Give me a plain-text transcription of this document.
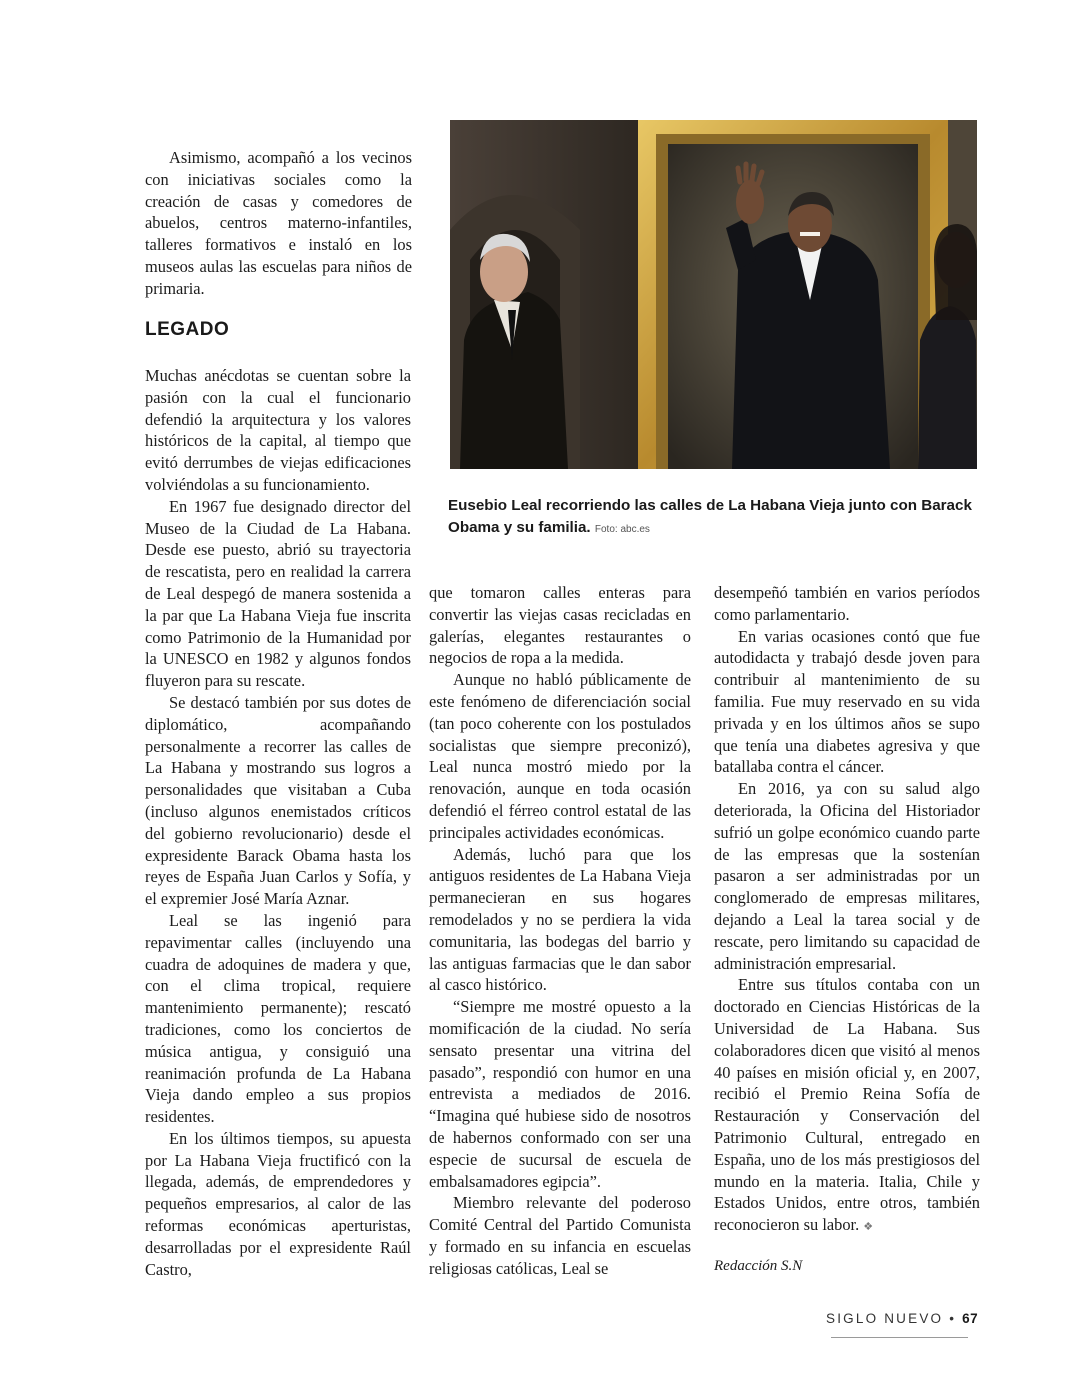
Asimismo, acompañó a los vecinos con iniciativas sociales como la creación de casas y comedores de abuelos, centros materno-infantiles, talleres formativos e instaló en los museos aulas las escuelas para niños de primaria.

LEGADO

Muchas anécdotas se cuentan sobre la pasión con la cual el funcionario defendió la arquitectura y los valores históricos de la capital, al tiempo que evitó derrumbes de viejas edificaciones volviéndolas a su funcionamiento.

En 1967 fue designado director del Museo de la Ciudad de La Habana. Desde ese puesto, abrió su trayectoria de rescatista, pero en realidad la carrera de Leal despegó de manera sostenida a la par que La Habana Vieja fue inscrita como Patrimonio de la Humanidad por la UNESCO en 1982 y algunos fondos fluyeron para su rescate.

Se destacó también por sus dotes de diplomático, acompañando personalmente a recorrer las calles de La Habana y mostrando sus logros a personalidades que visitaban a Cuba (incluso algunos enemistados críticos del gobierno revolucionario) desde el expresidente Barack Obama hasta los reyes de España Juan Carlos y Sofía, y el expremier José María Aznar.

Leal se las ingenió para repavimentar calles (incluyendo una cuadra de adoquines de madera y que, con el clima tropical, requiere mantenimiento permanente); rescató tradiciones, como los conciertos de música antigua, y consiguió una reanimación profunda de La Habana Vieja dando empleo a sus propios residentes.

En los últimos tiempos, su apuesta por La Habana Vieja fructificó con la llegada, además, de emprendedores y pequeños empresarios, al calor de las reformas económicas aperturistas, desarrolladas por el expresidente Raúl Castro,

Eusebio Leal recorriendo las calles de La Habana Vieja junto con Barack Obama y su familia. Foto: abc.es

que tomaron calles enteras para convertir las viejas casas recicladas en galerías, elegantes restaurantes o negocios de ropa a la medida.

Aunque no habló públicamente de este fenómeno de diferenciación social (tan poco coherente con los postulados socialistas que siempre preconizó), Leal nunca mostró miedo por la renovación, aunque en toda ocasión defendió el férreo control estatal de las principales actividades económicas.

Además, luchó para que los antiguos residentes de La Habana Vieja permanecieran en sus hogares remodelados y no se perdiera la vida comunitaria, las bodegas del barrio y las antiguas farmacias que le dan sabor al casco histórico.

“Siempre me mostré opuesto a la momificación de la ciudad. No sería sensato presentar una vitrina del pasado”, respondió con humor en una entrevista a mediados de 2016. “Imagina qué hubiese sido de nosotros de habernos conformado con ser una especie de sucursal de escuela de embalsamadores egipcia”.

Miembro relevante del poderoso Comité Central del Partido Comunista y formado en su infancia en escuelas religiosas católicas, Leal se

desempeñó también en varios períodos como parlamentario.

En varias ocasiones contó que fue autodidacta y trabajó desde joven para contribuir al mantenimiento de su familia. Fue muy reservado en su vida privada y en los últimos años se supo que tenía una diabetes agresiva y que batallaba contra el cáncer.

En 2016, ya con su salud algo deteriorada, la Oficina del Historiador sufrió un golpe económico cuando parte de las empresas que la sostenían pasaron a ser administradas por un conglomerado de empresas militares, dejando a Leal la tarea social y de rescate, pero limitando su capacidad de administración empresarial.

Entre sus títulos contaba con un doctorado en Ciencias Históricas de la Universidad de La Habana. Sus colaboradores dicen que visitó al menos 40 países en misión oficial y, en 2007, recibió el Premio Reina Sofía de Restauración y Conservación del Patrimonio Cultural, entregado en España, uno de los más prestigiosos del mundo en la materia. Italia, Chile y Estados Unidos, entre otros, también reconocieron su labor. ❖

Redacción S.N
SIGLO NUEVO • 67
